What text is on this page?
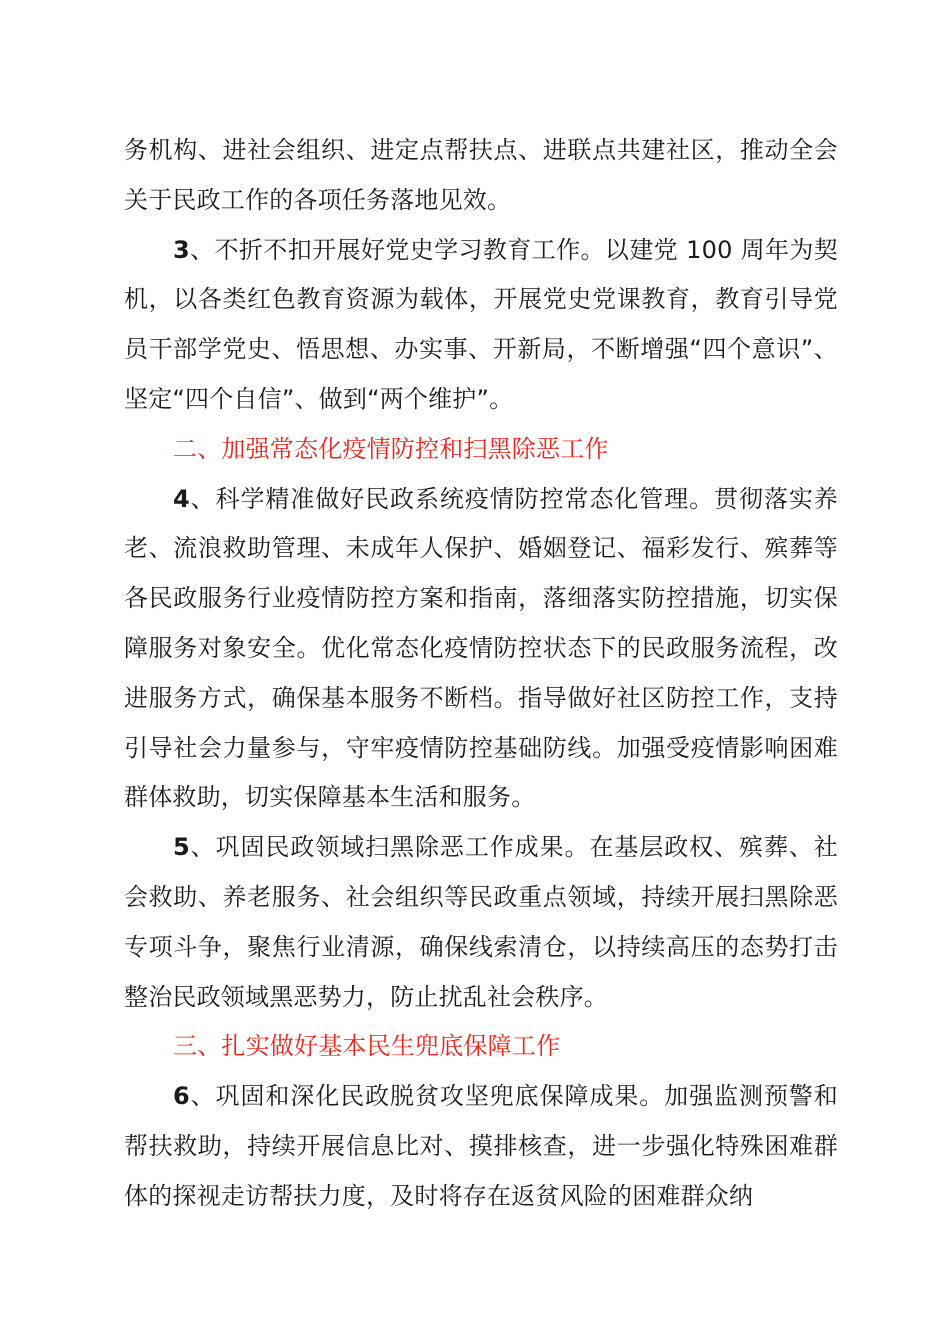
务机构、进社会组织、进定点帮扶点、进联点共建社区，推动全会关于民政工作的各项任务落地见效。

3、不折不扣开展好党史学习教育工作。以建党 100 周年为契机，以各类红色教育资源为载体，开展党史党课教育，教育引导党员干部学党史、悟思想、办实事、开新局，不断增强“四个意识”、坚定“四个自信”、做到“两个维护”。

二、加强常态化疫情防控和扫黑除恶工作

4、科学精准做好民政系统疫情防控常态化管理。贯彻落实养老、流浪救助管理、未成年人保护、婚姻登记、福彩发行、殡葬等各民政服务行业疫情防控方案和指南，落细落实防控措施，切实保障服务对象安全。优化常态化疫情防控状态下的民政服务流程，改进服务方式，确保基本服务不断档。指导做好社区防控工作，支持引导社会力量参与，守牢疫情防控基础防线。加强受疫情影响困难群体救助，切实保障基本生活和服务。

5、巩固民政领域扫黑除恶工作成果。在基层政权、殡葬、社会救助、养老服务、社会组织等民政重点领域，持续开展扫黑除恶专项斗争，聚焦行业清源，确保线索清仓，以持续高压的态势打击整治民政领域黑恶势力，防止扰乱社会秩序。

三、扎实做好基本民生兜底保障工作

6、巩固和深化民政脱贫攻坚兜底保障成果。加强监测预警和帮扶救助，持续开展信息比对、摸排核查，进一步强化特殊困难群体的探视走访帮扶力度，及时将存在返贫风险的困难群众纳
